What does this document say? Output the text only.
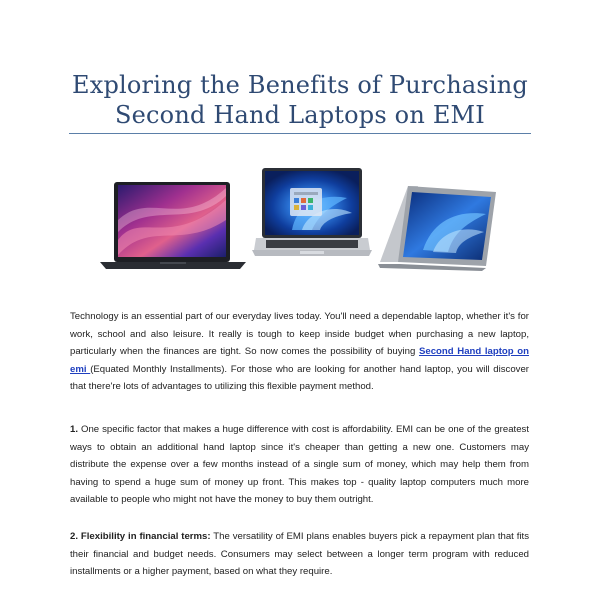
Exploring the Benefits of Purchasing
Second Hand Laptops on EMI

Technology is an essential part of our everyday lives today. You'll need a dependable laptop, whether it's for work, school and also leisure. It really is tough to keep inside budget when purchasing a new laptop, particularly when the finances are tight. So now comes the possibility of buying Second Hand laptop on emi (Equated Monthly Installments). For those who are looking for another hand laptop, you will discover that there're lots of advantages to utilizing this flexible payment method.

1. One specific factor that makes a huge difference with cost is affordability. EMI can be one of the greatest ways to obtain an additional hand laptop since it's cheaper than getting a new one. Customers may distribute the expense over a few months instead of a single sum of money, which may help them from having to spend a huge sum of money up front. This makes top - quality laptop computers much more available to people who might not have the money to buy them outright.

2. Flexibility in financial terms: The versatility of EMI plans enables buyers pick a repayment plan that fits their financial and budget needs. Consumers may select between a longer term program with reduced installments or a higher payment, based on what they require.
